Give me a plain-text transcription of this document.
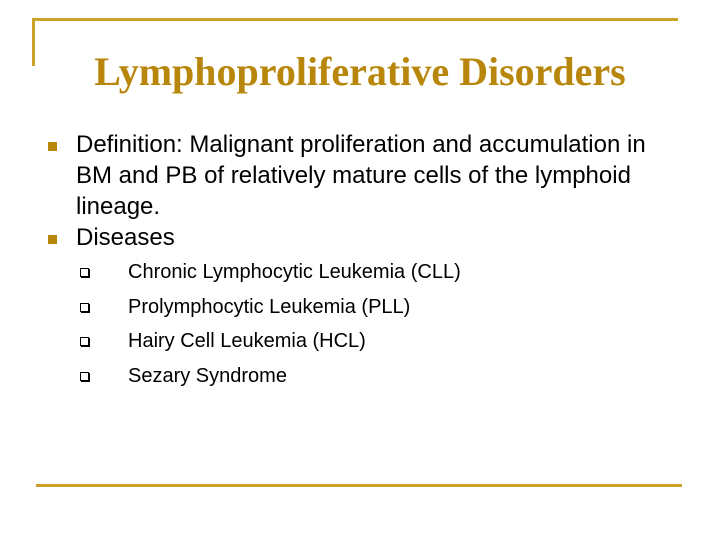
Lymphoproliferative Disorders
Definition: Malignant proliferation and accumulation in BM and PB of relatively mature cells of the lymphoid lineage.
Diseases
Chronic Lymphocytic Leukemia (CLL)
Prolymphocytic Leukemia (PLL)
Hairy Cell Leukemia (HCL)
Sezary Syndrome
